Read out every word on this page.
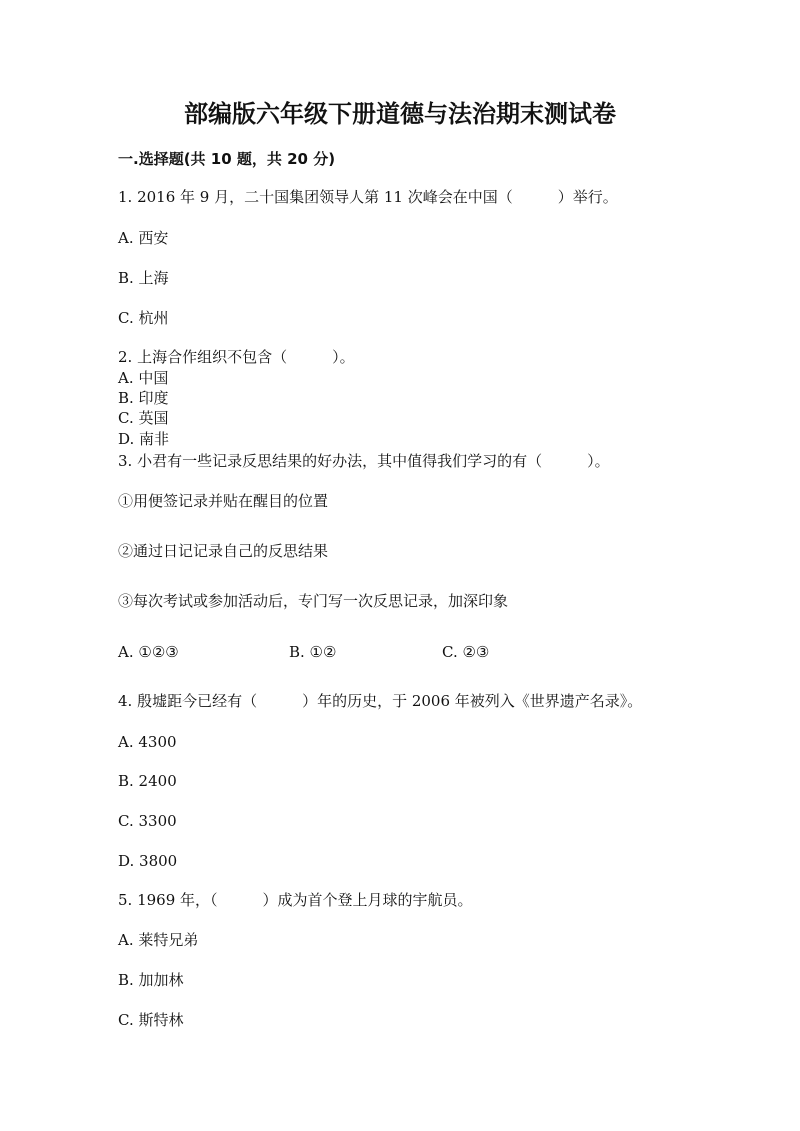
部编版六年级下册道德与法治期末测试卷
一.选择题(共 10 题，共 20 分)
1. 2016 年 9 月，二十国集团领导人第 11 次峰会在中国（　　　）举行。
A. 西安
B. 上海
C. 杭州
2. 上海合作组织不包含（　　　）。
A. 中国
B. 印度
C. 英国
D. 南非
3. 小君有一些记录反思结果的好办法，其中值得我们学习的有（　　　）。
①用便签记录并贴在醒目的位置
②通过日记记录自己的反思结果
③每次考试或参加活动后，专门写一次反思记录，加深印象
A. ①②③	B. ①②	C. ②③
4. 殷墟距今已经有（　　　）年的历史，于 2006 年被列入《世界遗产名录》。
A. 4300
B. 2400
C. 3300
D. 3800
5. 1969 年，（　　　）成为首个登上月球的宇航员。
A. 莱特兄弟
B. 加加林
C. 斯特林
